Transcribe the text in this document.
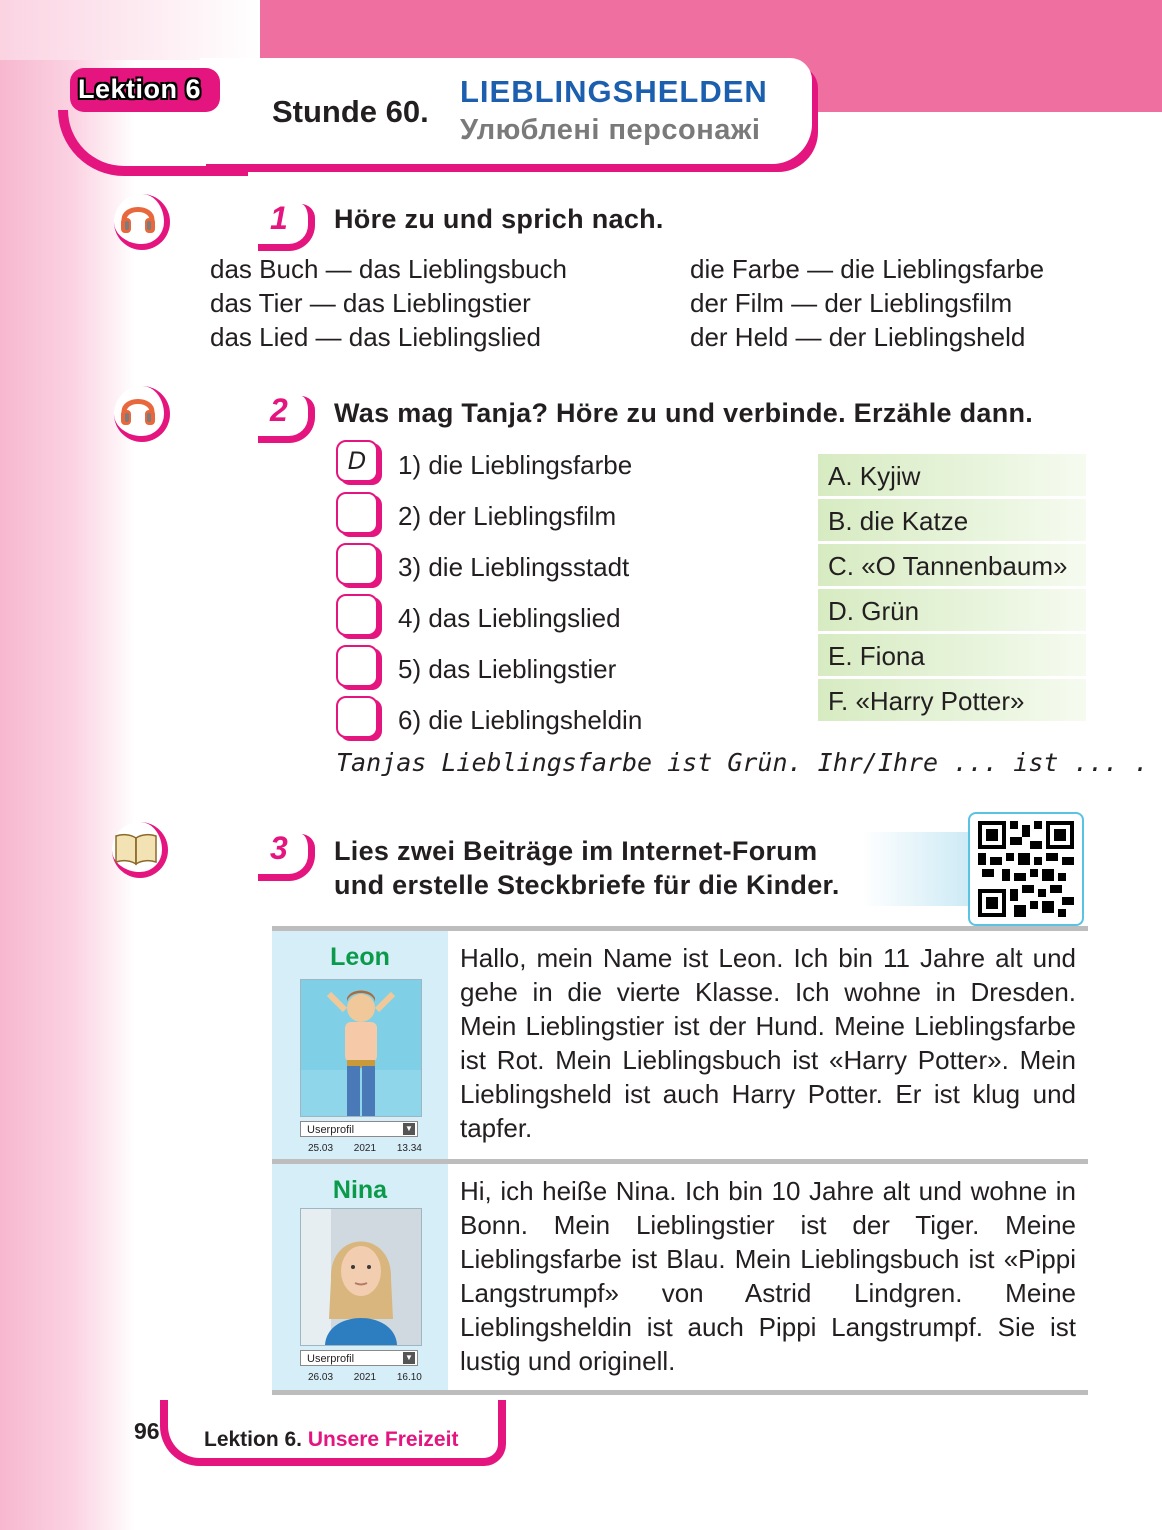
Lektion 6
Stunde 60.
LIEBLINGSHELDEN
Улюблені персонажі
1 Höre zu und sprich nach.
das Buch — das Lieblingsbuch
das Tier — das Lieblingstier
das Lied — das Lieblingslied
die Farbe — die Lieblingsfarbe
der Film — der Lieblingsfilm
der Held — der Lieblingsheld
2 Was mag Tanja? Höre zu und verbinde. Erzähle dann.
D	1) die Lieblingsfarbe
2) der Lieblingsfilm
3) die Lieblingsstadt
4) das Lieblingslied
5) das Lieblingstier
6) die Lieblingsheldin
A. Kyjiw
B. die Katze
C. «O Tannenbaum»
D. Grün
E. Fiona
F. «Harry Potter»
Tanjas Lieblingsfarbe ist Grün. Ihr/Ihre ... ist ... .
3 Lies zwei Beiträge im Internet-Forum
und erstelle Steckbriefe für die Kinder.
Leon
Userprofil	▼
25.03 2021 13.34
Hallo, mein Name ist Leon. Ich bin 11 Jahre alt und gehe in die vierte Klasse. Ich wohne in Dresden. Mein Lieblingstier ist der Hund. Meine Lieblingsfarbe ist Rot. Mein Lieblingsbuch ist «Harry Potter». Mein Lieblingsheld ist auch Harry Potter. Er ist klug und tapfer.
Nina
Userprofil	▼
26.03 2021 16.10
Hi, ich heiße Nina. Ich bin 10 Jahre alt und wohne in Bonn. Mein Lieblingstier ist der Tiger. Meine Lieblingsfarbe ist Blau. Mein Lieblingsbuch ist «Pippi Langstrumpf» von Astrid Lindgren. Meine Lieblingsheldin ist auch Pippi Langstrumpf. Sie ist lustig und originell.
96 Lektion 6. Unsere Freizeit
